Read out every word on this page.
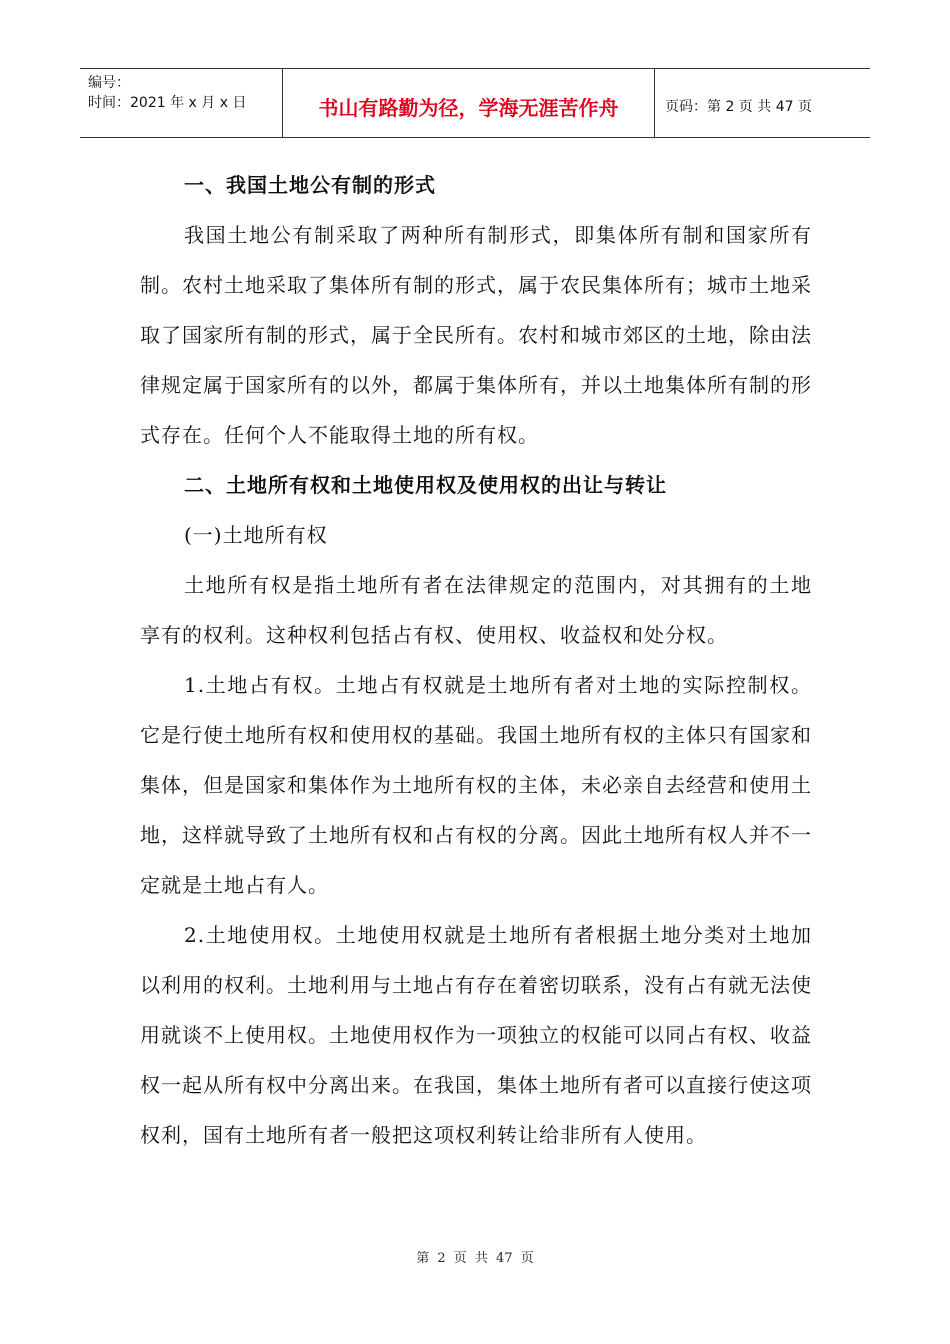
编号：
时间：2021 年 x 月 x 日	书山有路勤为径，学海无涯苦作舟	页码：第 2 页 共 47 页

一、我国土地公有制的形式

我国土地公有制采取了两种所有制形式，即集体所有制和国家所有制。农村土地采取了集体所有制的形式，属于农民集体所有；城市土地采取了国家所有制的形式，属于全民所有。农村和城市郊区的土地，除由法律规定属于国家所有的以外，都属于集体所有，并以土地集体所有制的形式存在。任何个人不能取得土地的所有权。

二、土地所有权和土地使用权及使用权的出让与转让

(一)土地所有权

土地所有权是指土地所有者在法律规定的范围内，对其拥有的土地享有的权利。这种权利包括占有权、使用权、收益权和处分权。

1.土地占有权。土地占有权就是土地所有者对土地的实际控制权。它是行使土地所有权和使用权的基础。我国土地所有权的主体只有国家和集体，但是国家和集体作为土地所有权的主体，未必亲自去经营和使用土地，这样就导致了土地所有权和占有权的分离。因此土地所有权人并不一定就是土地占有人。

2.土地使用权。土地使用权就是土地所有者根据土地分类对土地加以利用的权利。土地利用与土地占有存在着密切联系，没有占有就无法使用就谈不上使用权。土地使用权作为一项独立的权能可以同占有权、收益权一起从所有权中分离出来。在我国，集体土地所有者可以直接行使这项权利，国有土地所有者一般把这项权利转让给非所有人使用。

第 2 页 共 47 页
